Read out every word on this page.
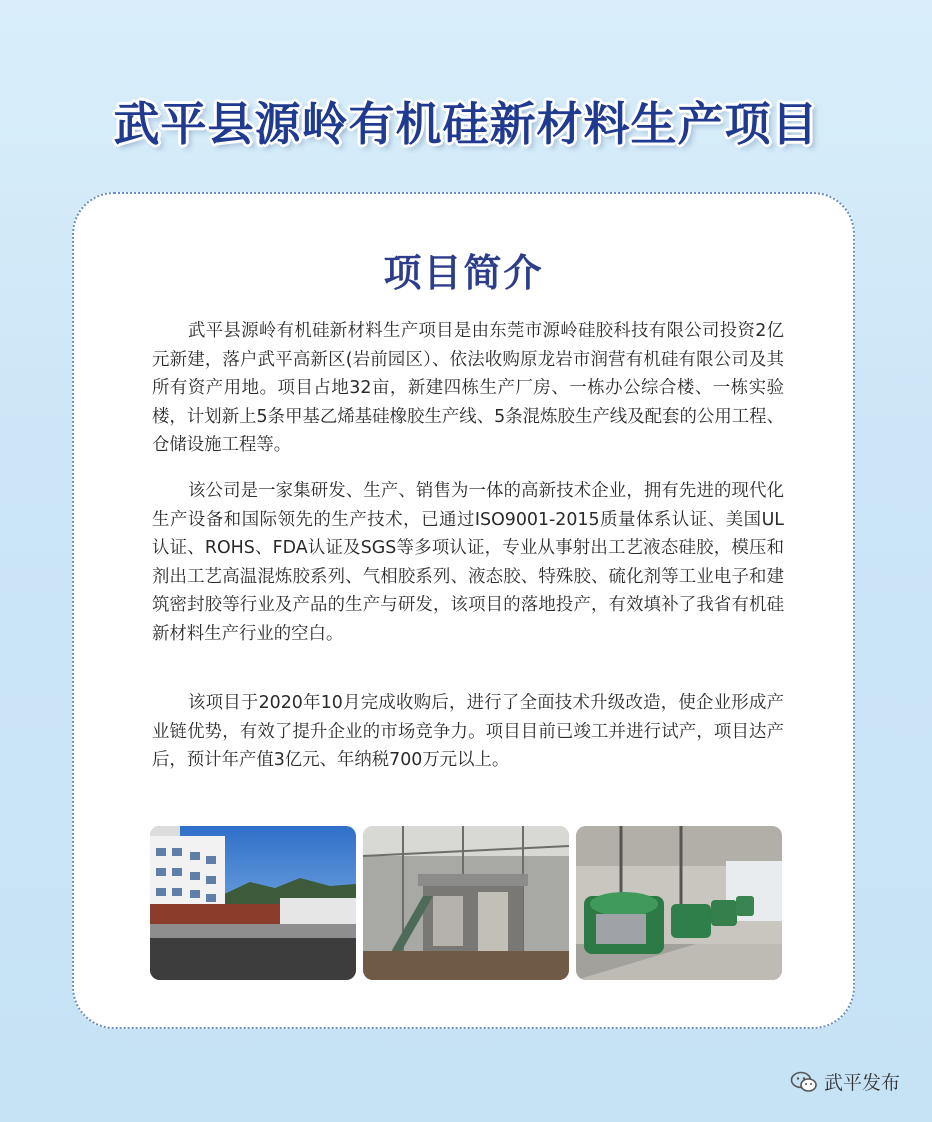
武平县源岭有机硅新材料生产项目
项目简介

武平县源岭有机硅新材料生产项目是由东莞市源岭硅胶科技有限公司投资2亿元新建，落户武平高新区(岩前园区）、依法收购原龙岩市润营有机硅有限公司及其所有资产用地。项目占地32亩，新建四栋生产厂房、一栋办公综合楼、一栋实验楼，计划新上5条甲基乙烯基硅橡胶生产线、5条混炼胶生产线及配套的公用工程、仓储设施工程等。

该公司是一家集研发、生产、销售为一体的高新技术企业，拥有先进的现代化生产设备和国际领先的生产技术，已通过ISO9001-2015质量体系认证、美国UL认证、ROHS、FDA认证及SGS等多项认证，专业从事射出工艺液态硅胶，模压和剂出工艺高温混炼胶系列、气相胶系列、液态胶、特殊胶、硫化剂等工业电子和建筑密封胶等行业及产品的生产与研发，该项目的落地投产，有效填补了我省有机硅新材料生产行业的空白。

该项目于2020年10月完成收购后，进行了全面技术升级改造，使企业形成产业链优势，有效了提升企业的市场竞争力。项目目前已竣工并进行试产，项目达产后，预计年产值3亿元、年纳税700万元以上。

武平发布
